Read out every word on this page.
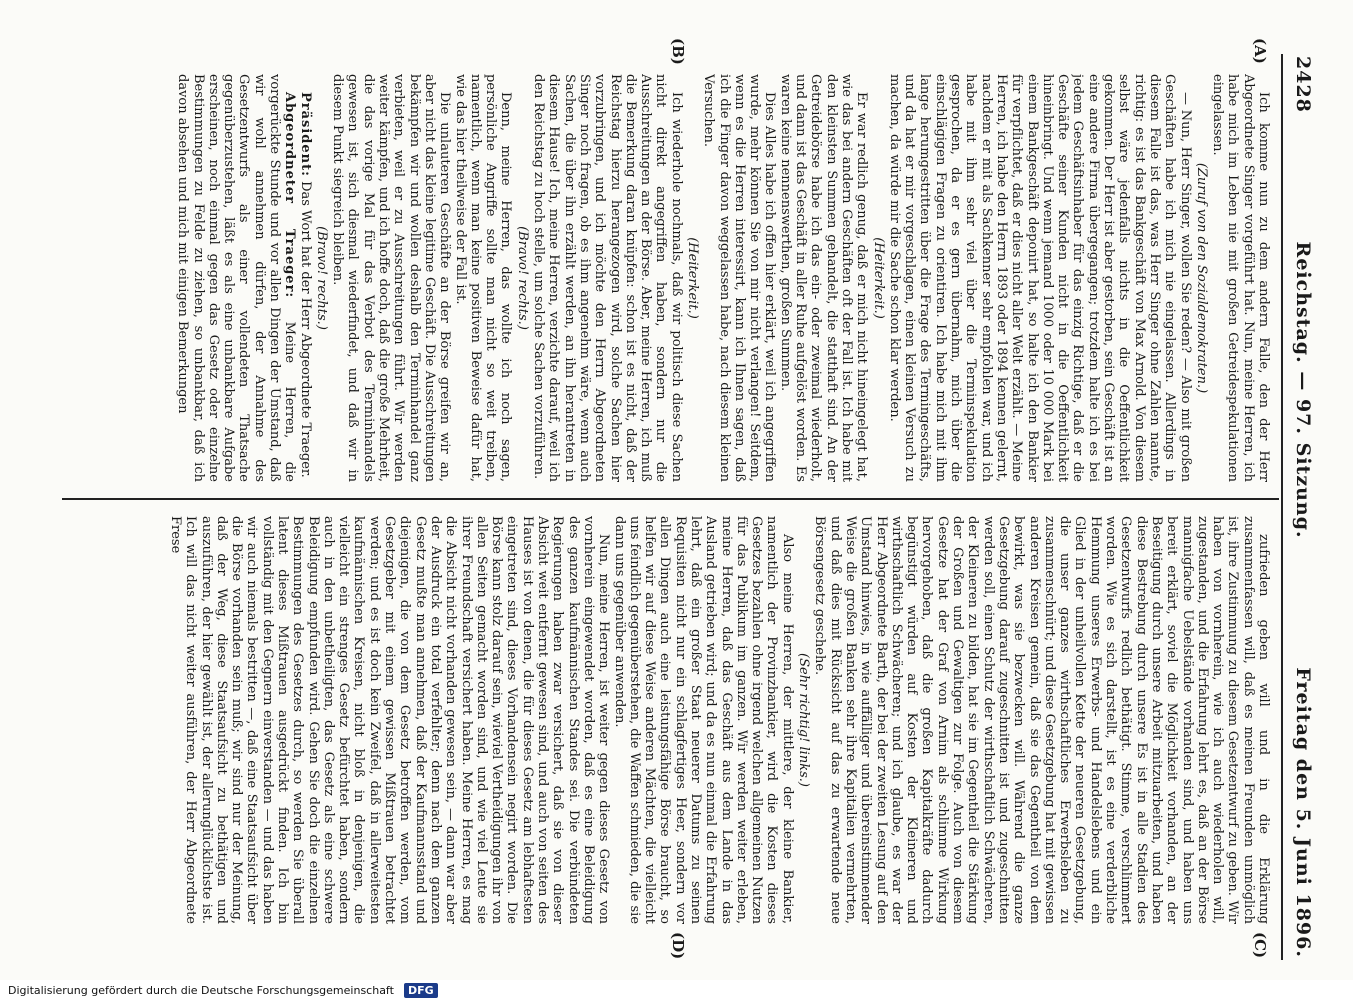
2428
Reichstag. — 97. Sitzung.
Freitag den 5. Juni 1896.
(A)
(B)
(C)
(D)

Ich komme nun zu dem andern Falle, den der Herr Abgeordnete Singer vorgeführt hat. Nun, meine Herren, ich habe mich im Leben nie mit großen Getreidespekulationen eingelassen.

(Zuruf von den Sozialdemokraten.)

— Nun, Herr Singer, wollen Sie reden? — Also mit großen Geschäften habe ich mich nie eingelassen. Allerdings in diesem Falle ist das, was Herr Singer ohne Zahlen nannte, richtig: es ist das Bankgeschäft von Max Arnold. Von diesem selbst wäre jedenfalls nichts in die Oeffentlichkeit gekommen. Der Herr ist aber gestorben, sein Geschäft ist an eine andere Firma übergegangen; trotzdem halte ich es bei jedem Geschäftsinhaber für das einzig Richtige, daß er die Geschäfte seiner Kunden nicht in die Oeffentlichkeit hineinbringt. Und wenn jemand 1000 oder 10 000 Mark bei einem Bankgeschäft deponirt hat, so halte ich den Bankier für verpflichtet, daß er dies nicht aller Welt erzählt. — Meine Herren, ich habe den Herrn 1893 oder 1894 kennen gelernt, nachdem er mit als Sachkenner sehr empfohlen war, und ich habe mit ihm sehr viel über die Terminspekulation gesprochen, da er es gern übernahm, mich über die einschlägigen Fragen zu orientiren. Ich habe mich mit ihm lange herumgestritten über die Frage des Termingeschäfts, und da hat er mir vorgeschlagen, einen kleinen Versuch zu machen, da würde mir die Sache schon klar werden.

(Heiterkeit.)

Er war redlich genug, daß er mich nicht hineingelegt hat, wie das bei andern Geschäften oft der Fall ist. Ich habe mit den kleinsten Summen gehandelt, die statthaft sind. An der Getreidebörse habe ich das ein- oder zweimal wiederholt, und dann ist das Geschäft in aller Ruhe aufgelöst worden. Es waren keine nennenswerthen, großen Summen.

Dies Alles habe ich offen hier erklärt, weil ich angegriffen wurde, mehr können Sie von mir nicht verlangen! Seitdem, wenn es die Herren interessirt, kann ich Ihnen sagen, daß ich die Finger davon weggelassen habe, nach diesem kleinen Versuchen.

(Heiterkeit.)

Ich wiederhole nochmals, daß wir politisch diese Sachen nicht direkt angegriffen haben, sondern nur die Ausschreitungen an der Börse. Aber, meine Herren, ich muß die Bemerkung daran knüpfen: schon ist es nicht, daß der Reichstag hierzu herangezogen wird, solche Sachen hier vorzubringen, und ich möchte den Herrn Abgeordneten Singer noch fragen, ob es ihm angenehm wäre, wenn auch Sachen, die über ihn erzählt werden, an ihn herantreten in diesem Hause! Ich, meine Herren, verzichte darauf, weil ich den Reichstag zu hoch stelle, um solche Sachen vorzuführen.

(Bravo! rechts.)

Denn, meine Herren, das wollte ich noch sagen, persönliche Angriffe sollte man nicht so weit treiben, namentlich, wenn man keine positiven Beweise dafür hat, wie das hier theilweise der Fall ist.

Die unlauteren Geschäfte an der Börse greifen wir an, aber nicht das kleine legitime Geschäft. Die Ausschreitungen bekämpfen wir und wollen deshalb den Terminhandel ganz verbieten, weil er zu Ausschreitungen führt. Wir werden weiter kämpfen, und ich hoffe doch, daß die große Mehrheit, die das vorige Mal für das Verbot des Terminhandels gewesen ist, sich diesmal wiederfindet, und daß wir in diesem Punkt siegreich bleiben.

(Bravo! rechts.)

Präsident: Das Wort hat der Herr Abgeordnete Traeger.

Abgeordneter Traeger: Meine Herren, die vorgerückte Stunde und vor allen Dingen der Umstand, daß wir wohl annehmen dürfen, der Annahme des Gesetzentwurfs als einer vollendeten Thatsache gegenüberzustehen, läßt es als eine unbankbare Aufgabe erscheinen, noch einmal gegen das Gesetz oder einzelne Bestimmungen zu Felde zu ziehen, so unbankbar, daß ich davon absehen und mich mit einigen Bemerkungen

zufrieden geben will und in die Erklärung zusammenfassen will, daß es meinen Freunden unmöglich ist, ihre Zustimmung zu diesem Gesetzentwurf zu geben. Wir haben von vornherein, wie ich auch wiederholen will, zugestanden, und die Erfahrung lehrt es, daß an der Börse mannigfache Uebelstände vorhanden sind, und haben uns bereit erklärt, soviel die Möglichkeit vorhanden, an der Beseitigung durch unsere Arbeit mitzuarbeiten, und haben diese Bestrebung durch unsere Es ist in alle Stadien des Gesetzentwurfs redlich bethätigt. Stimme, verschlimmert worden. Wie es sich darstellt, ist es eine verderbliche Hemmung unseres Erwerbs- und Handelslebens und ein Glied in der unheilvollen Kette der neueren Gesetzgebung, die unser ganzes wirthschaftliches Erwerbsleben zu zusammenschnürt; und diese Gesetzgebung hat mit gewissen anderen Kreisen gemein, daß sie das Gegentheil von dem bewirkt, was sie bezwecken will. Während die ganze Gesetzgebung darauf zugeschnitten ist und zugeschnitten werden soll, einen Schutz der wirthschaftlich Schwächeren, der Kleineren zu bilden, hat sie im Gegentheil die Stärkung der Großen und Gewaltigen zur Folge. Auch von diesem Gesetze hat der Graf von Arnim als schlimme Wirkung hervorgehoben, daß die großen Kapitalkräfte dadurch begünstigt würden auf Kosten der Kleineren und wirthschaftlich Schwächeren; und ich glaube, es war der Herr Abgeordnete Barth, der bei der zweiten Lesung auf den Umstand hinwies, in wie auffälliger und übereinstimmender Weise die großen Banken sehr ihre Kapitalien vermehrten, und daß dies mit Rücksicht auf das zu erwartende neue Börsengesetz geschehe.

(Sehr richtig! links.)

Also meine Herren, der mittlere, der kleine Bankier, namentlich der Provinzbankier, wird die Kosten dieses Gesetzes bezahlen ohne irgend welchen allgemeinen Nutzen für das Publikum im ganzen. Wir werden weiter erleben, meine Herren, daß das Geschäft aus dem Lande in das Ausland getrieben wird; und da es nun einmal die Erfahrung lehrt, daß ein großer Staat neuerer Datums zu seinen Requisiten nicht nur ein schlagfertiges Heer, sondern vor allen Dingen auch eine leistungsfähige Börse braucht, so helfen wir auf diese Weise anderen Mächten, die vielleicht uns feindlich gegenüberstehen, die Waffen schmieden, die sie dann uns gegenüber anwenden.

Nun, meine Herren, ist weiter gegen dieses Gesetz von vornherein eingewendet worden, daß es eine Beleidigung des ganzen kaufmännischen Standes sei. Die verbündeten Regierungen haben zwar versichert, daß sie von dieser Absicht weit entfernt gewesen sind, und auch von seiten des Hauses ist von denen, die für dieses Gesetz am lebhaftesten eingetreten sind, dieses Vorhandensein negirt worden. Die Börse kann stolz darauf sein, wieviel Vertheidigungen ihr von allen Seiten gemacht worden sind, und wie viel Leute sie ihrer Freundschaft versichert haben. Meine Herren, es mag die Absicht nicht vorhanden gewesen sein, — dann war aber der Ausdruck ein total verfehlter; denn nach dem ganzen Gesetz mußte man annehmen, daß der Kaufmannsstand und diejenigen, die von dem Gesetz betroffen werden, vom Gesetzgeber mit einem gewissen Mißtrauen betrachtet werden; und es ist doch kein Zweifel, daß in allerweitesten kaufmännischen Kreisen, nicht bloß in denjenigen, die vielleicht ein strenges Gesetz befürchtet haben, sondern auch in den unbetheiligten, das Gesetz als eine schwere Beleidigung empfunden wird. Gehen Sie doch die einzelnen Bestimmungen des Gesetzes durch, so werden Sie überall latent dieses Mißtrauen ausgedrückt finden. Ich bin vollständig mit den Gegnern einverstanden — und das haben wir auch niemals bestritten —, daß eine Staatsaufsicht über die Börse vorhanden sein muß; wir sind nur der Meinung, daß der Weg, diese Staatsaufsicht zu bethätigen und auszuführen, der hier gewählt ist, der allerunglücklichste ist. Ich will das nicht weiter ausführen, der Herr Abgeordnete Frese

Digitalisierung gefördert durch die Deutsche Forschungsgemeinschaft	DFG
